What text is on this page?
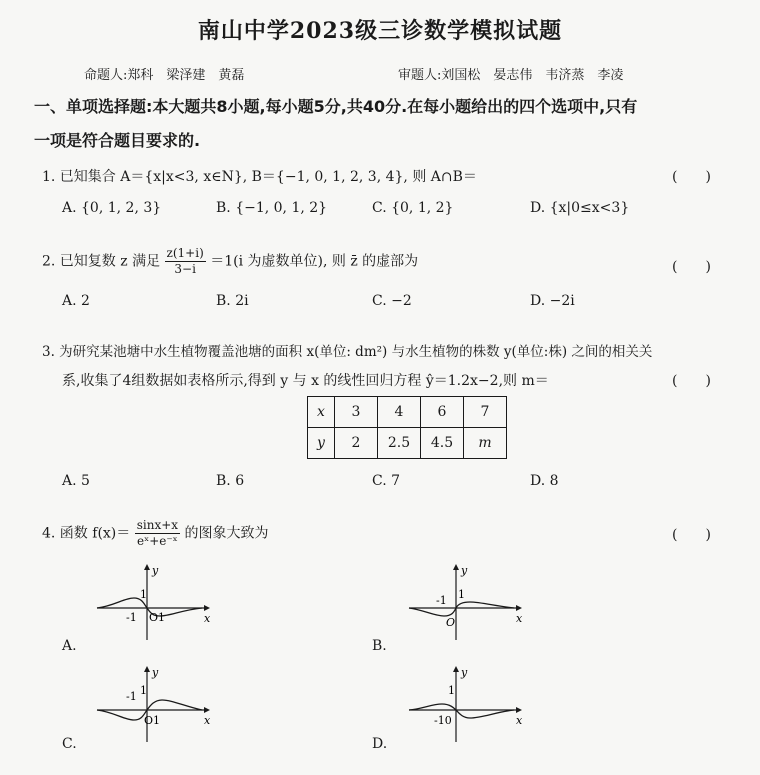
南山中学2023级三诊数学模拟试题
命题人:郑科　梁泽建　黄磊	审题人:刘国松　晏志伟　韦济蒸　李凌
一、单项选择题:本大题共8小题,每小题5分,共40分.在每小题给出的四个选项中,只有
一项是符合题目要求的.
1. 已知集合 A＝{x|x<3, x∈N}, B＝{−1, 0, 1, 2, 3, 4}, 则 A∩B＝	(　　)
A. {0, 1, 2, 3}	B. {−1, 0, 1, 2}	C. {0, 1, 2}	D. {x|0≤x<3}
2. 已知复数 z 满足 $\frac{z(1+i)}{3-i} =1(i$ 为虚数单位), 则 z̄ 的虚部为	(　　)
A. 2	B. 2i	C. −2	D. −2i
3. 为研究某池塘中水生植物覆盖池塘的面积 x(单位: dm²) 与水生植物的株数 y(单位:株) 之间的相关关
系,收集了4组数据如表格所示,得到 y 与 x 的线性回归方程 ŷ＝1.2x−2,则 m＝	(　　)
x	3	4	6	7
y	2	2.5	4.5	m
A. 5	B. 6	C. 7	D. 8
4. 函数 $f(x)= \frac{\sin x+x}{\text{eˣ+e⁻ˣ}}$ 的图象大致为	(　　)
y
x
1
-1 O1
A.
y
x
-1 1
O
B.
y
x
-1 1
O1
C.
y
x
1
-10
D.
